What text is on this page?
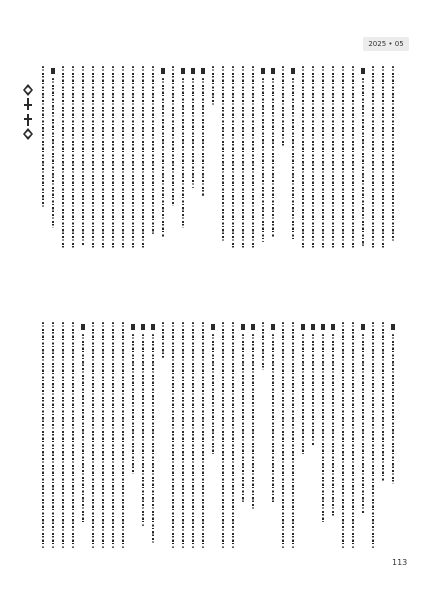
2025 • 05
113
